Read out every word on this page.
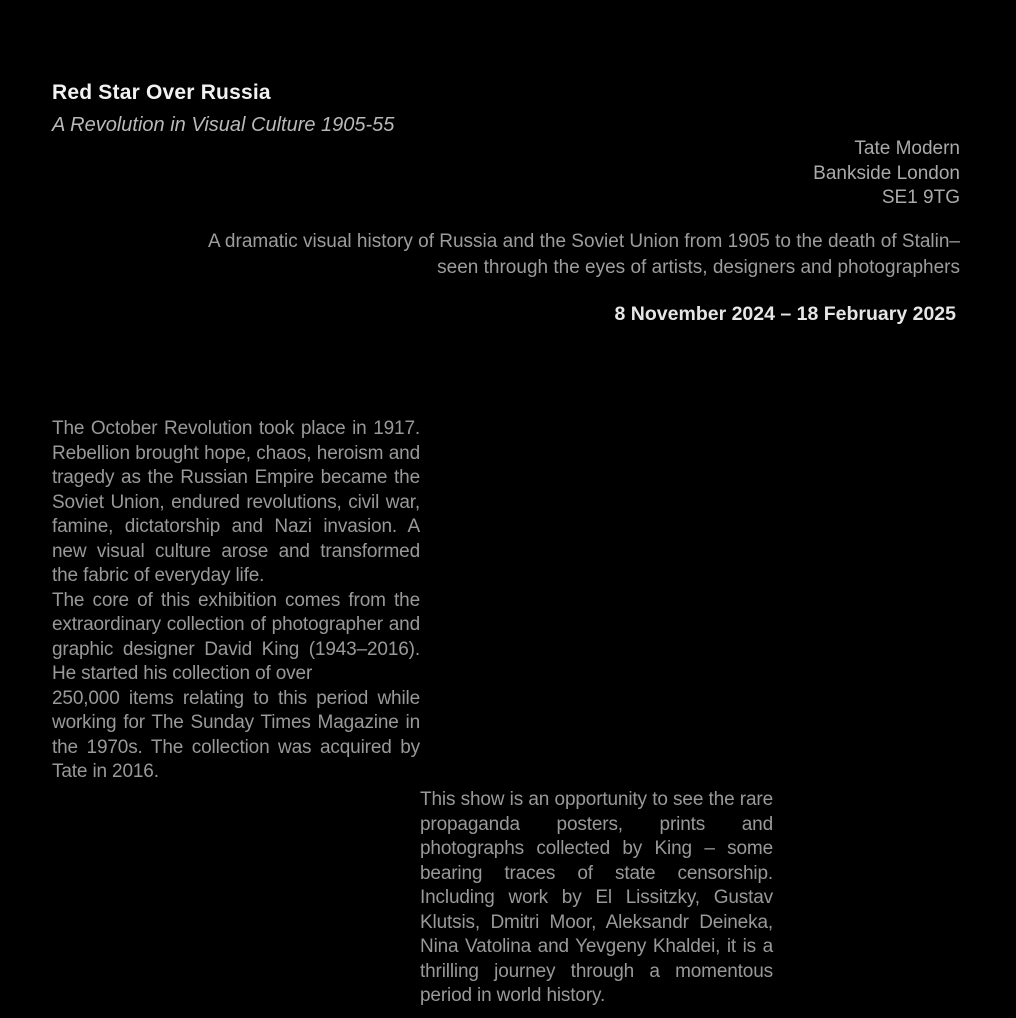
Red Star Over Russia
A Revolution in Visual Culture 1905-55
Tate Modern
Bankside London
SE1 9TG
A dramatic visual history of Russia and the Soviet Union from 1905 to the death of Stalin–
seen through the eyes of artists, designers and photographers
8 November 2024 – 18 February 2025

The October Revolution took place in 1917. Rebellion brought hope, chaos, heroism and tragedy as the Russian Empire became the Soviet Union, endured revolutions, civil war, famine, dictatorship and Nazi invasion. A new visual culture arose and transformed the fabric of everyday life.

The core of this exhibition comes from the extraordinary collection of photographer and graphic designer David King (1943–2016). He started his collection of over

250,000 items relating to this period while working for The Sunday Times Magazine in the 1970s. The collection was acquired by Tate in 2016.

This show is an opportunity to see the rare propaganda posters, prints and photographs collected by King – some bearing traces of state censorship. Including work by El Lissitzky, Gustav Klutsis, Dmitri Moor, Aleksandr Deineka, Nina Vatolina and Yevgeny Khaldei, it is a thrilling journey through a momentous period in world history.
